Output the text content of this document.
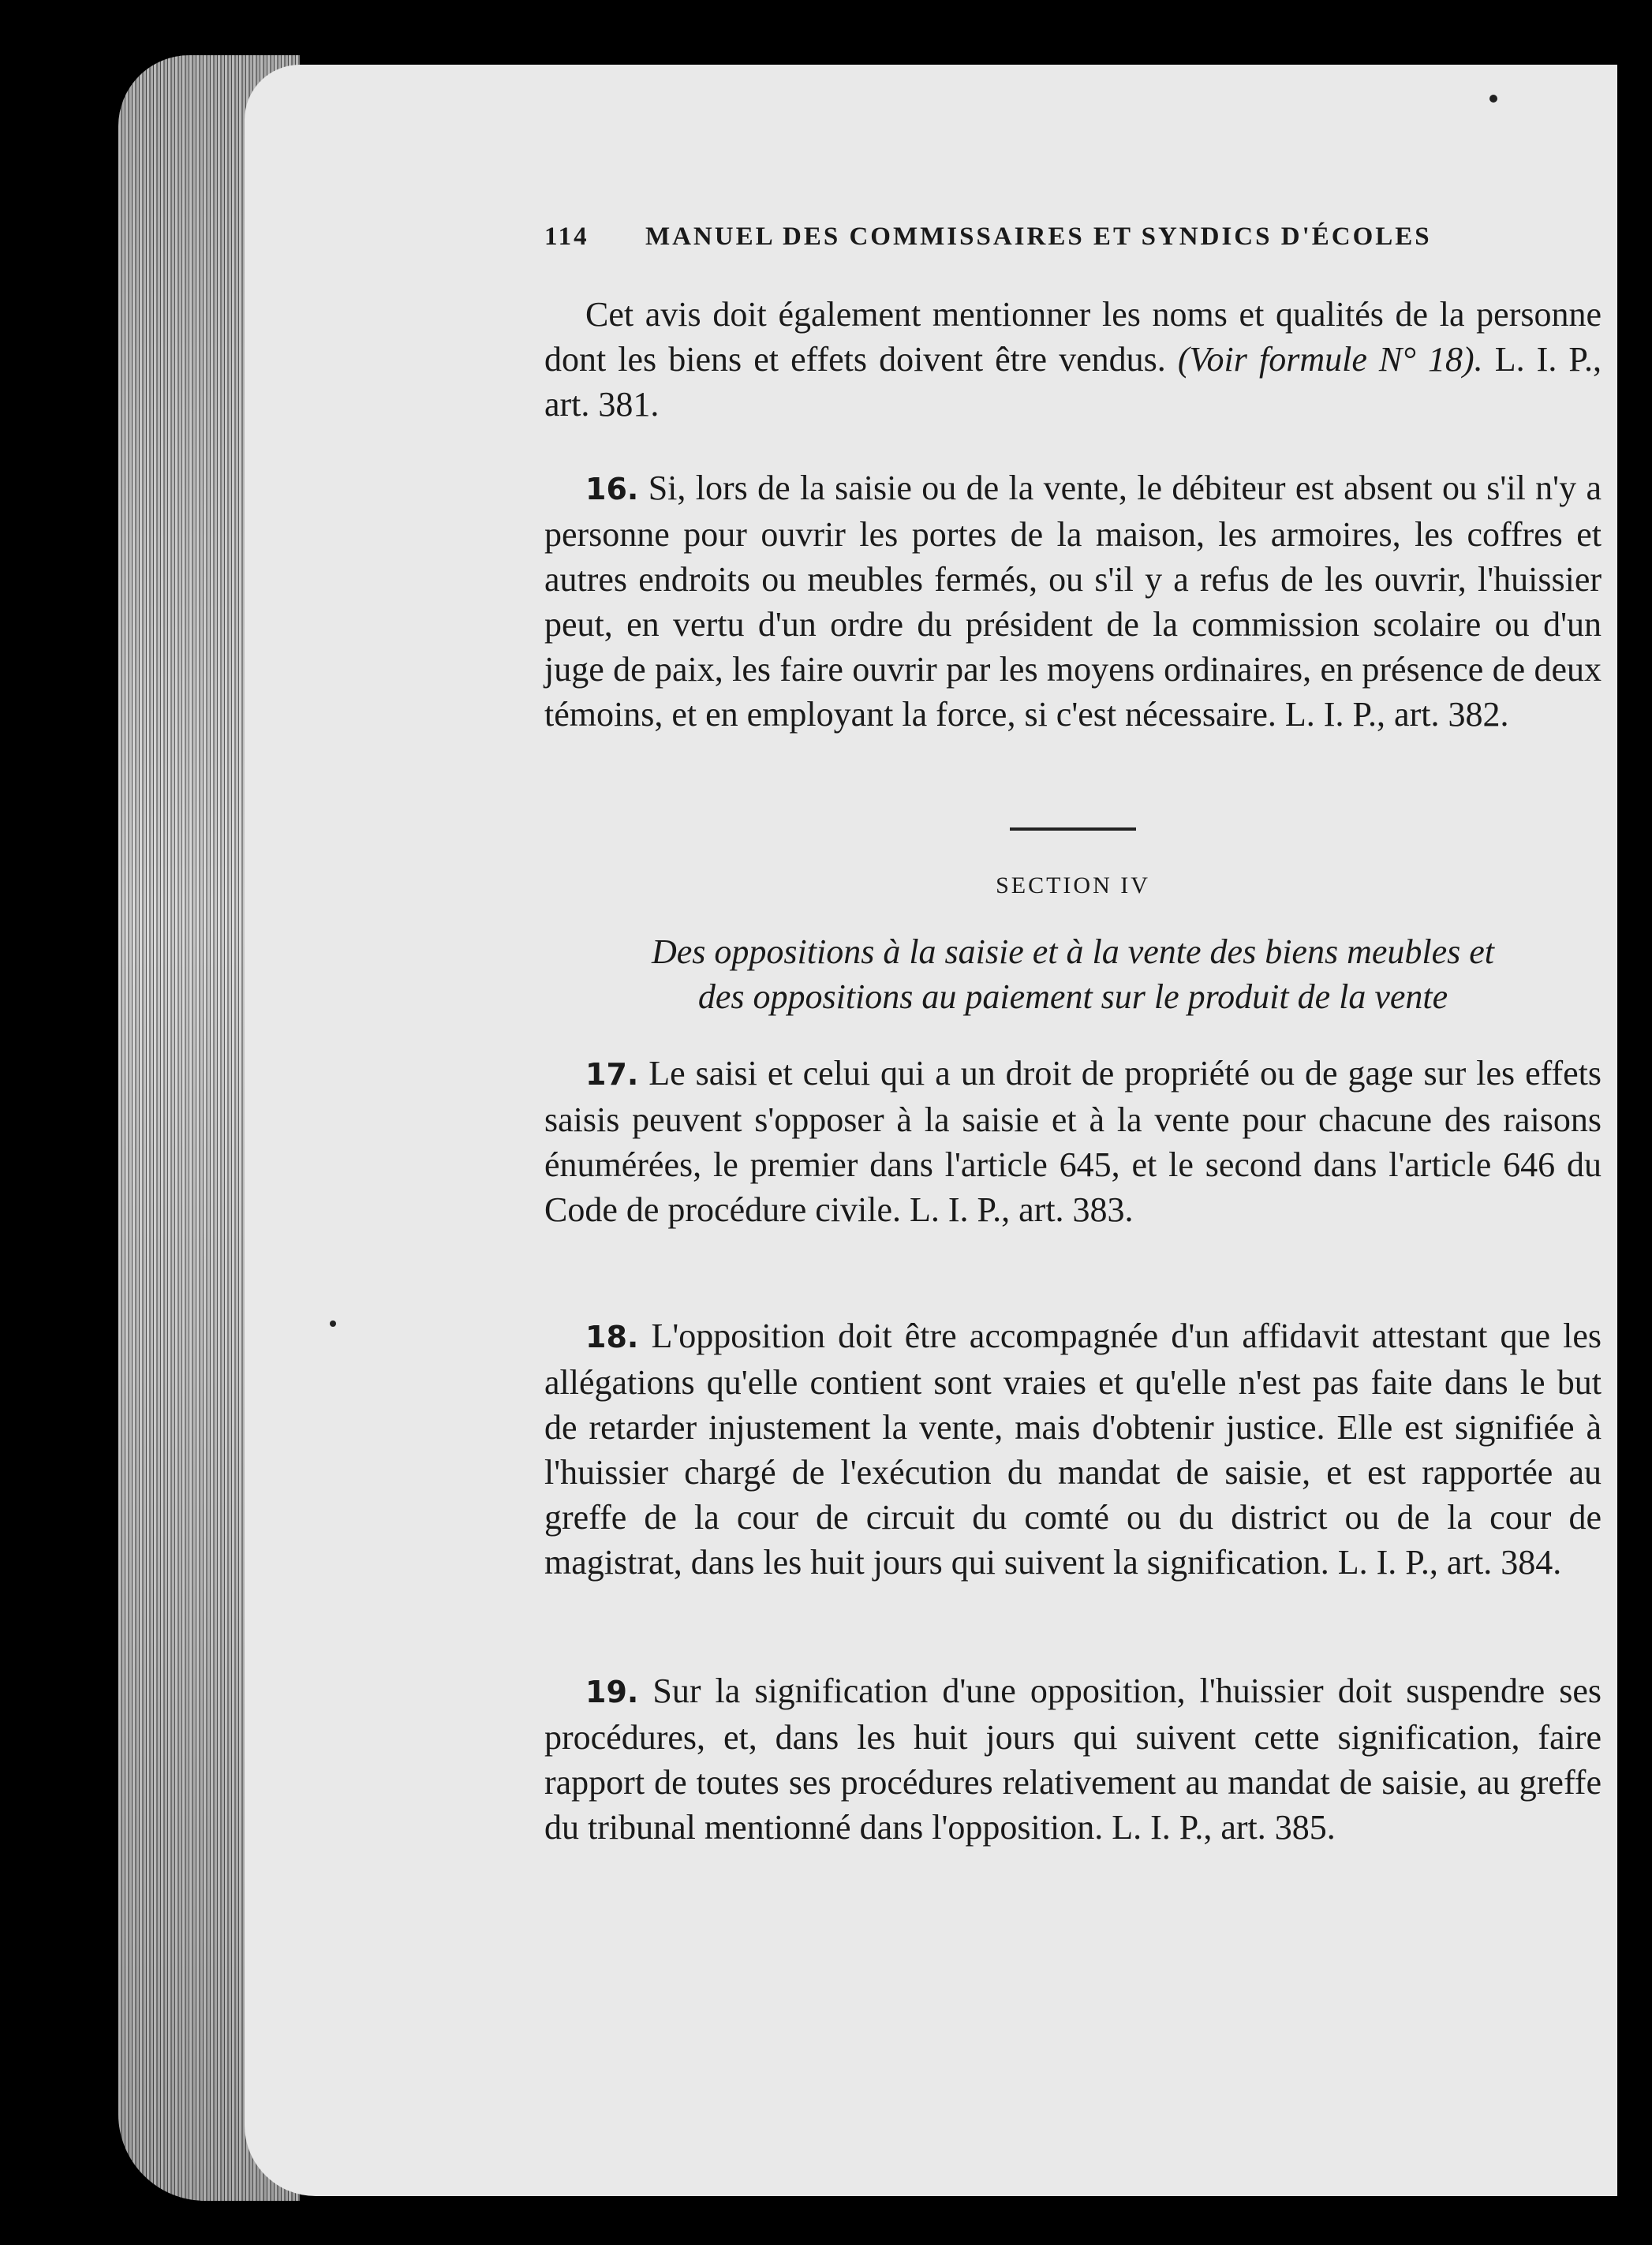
114 MANUEL DES COMMISSAIRES ET SYNDICS D'ÉCOLES

Cet avis doit également mentionner les noms et qualités de la personne dont les biens et effets doivent être vendus. (Voir formule N° 18). L. I. P., art. 381.

16. Si, lors de la saisie ou de la vente, le débiteur est absent ou s'il n'y a personne pour ouvrir les portes de la maison, les armoires, les coffres et autres endroits ou meubles fermés, ou s'il y a refus de les ouvrir, l'huissier peut, en vertu d'un ordre du président de la commission scolaire ou d'un juge de paix, les faire ouvrir par les moyens ordinaires, en présence de deux témoins, et en employant la force, si c'est nécessaire. L. I. P., art. 382.

SECTION IV
Des oppositions à la saisie et à la vente des biens meubles et
des oppositions au paiement sur le produit de la vente

17. Le saisi et celui qui a un droit de propriété ou de gage sur les effets saisis peuvent s'opposer à la saisie et à la vente pour chacune des raisons énumérées, le premier dans l'article 645, et le second dans l'article 646 du Code de procédure civile. L. I. P., art. 383.

18. L'opposition doit être accompagnée d'un affidavit attestant que les allégations qu'elle contient sont vraies et qu'elle n'est pas faite dans le but de retarder injustement la vente, mais d'obtenir justice. Elle est signifiée à l'huissier chargé de l'exécution du mandat de saisie, et est rapportée au greffe de la cour de circuit du comté ou du district ou de la cour de magistrat, dans les huit jours qui suivent la signification. L. I. P., art. 384.

19. Sur la signification d'une opposition, l'huissier doit suspendre ses procédures, et, dans les huit jours qui suivent cette signification, faire rapport de toutes ses procédures relativement au mandat de saisie, au greffe du tribunal mentionné dans l'opposition. L. I. P., art. 385.
